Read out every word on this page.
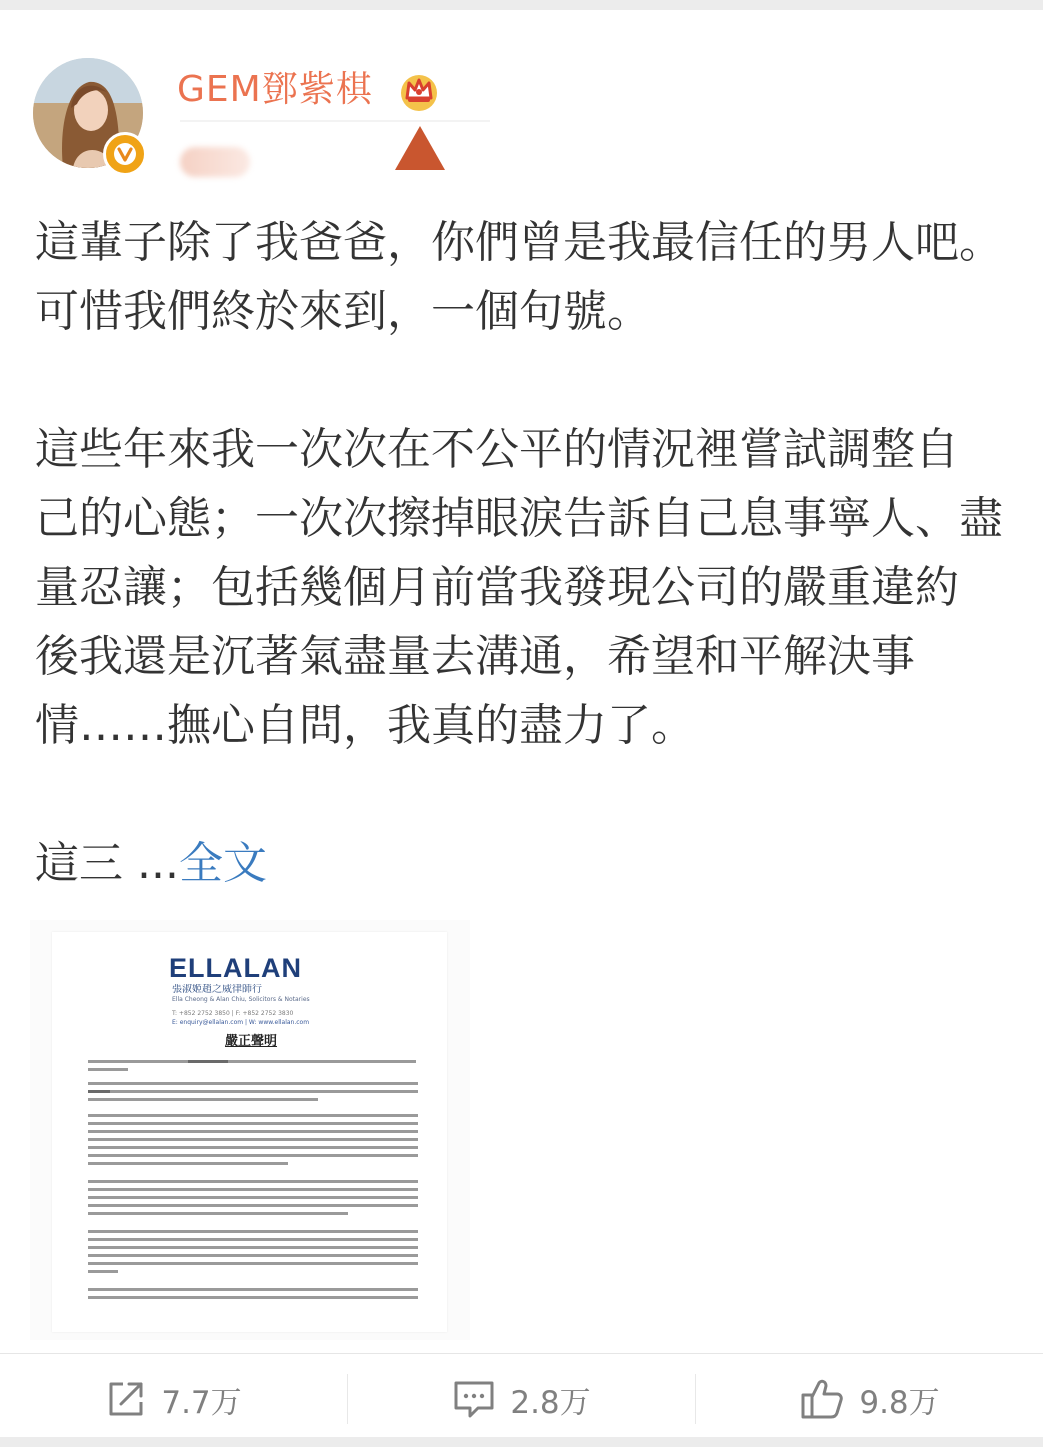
GEM鄧紫棋

這輩子除了我爸爸，你們曾是我最信任的男人吧。

可惜我們終於來到，一個句號。

這些年來我一次次在不公平的情況裡嘗試調整自

己的心態；一次次擦掉眼淚告訴自己息事寧人、盡

量忍讓；包括幾個月前當我發現公司的嚴重違約

後我還是沉著氣盡量去溝通，希望和平解決事

情……撫心自問，我真的盡力了。

這三 ...全文

ELLALAN
張淑姬趙之威律師行
Ella Cheong & Alan Chiu, Solicitors & Notaries
T: +852 2752 3850 | F: +852 2752 3830
E: enquiry@ellalan.com | W: www.ellalan.com
嚴正聲明
7.7万	2.8万	9.8万
